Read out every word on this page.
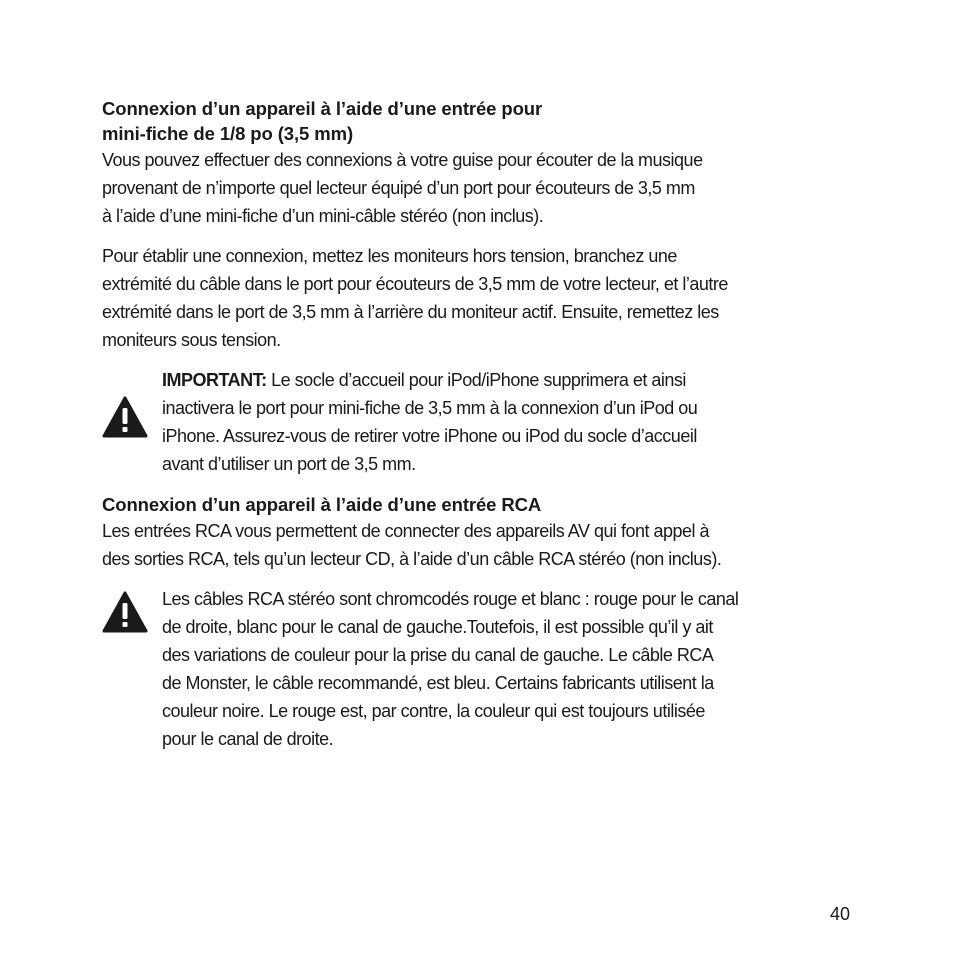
Connexion d’un appareil à l’aide d’une entrée pour
mini-fiche de 1/8 po (3,5 mm)

Vous pouvez effectuer des connexions à votre guise pour écouter de la musique
provenant de n’importe quel lecteur équipé d’un port pour écouteurs de 3,5 mm
à l’aide d’une mini-fiche d’un mini-câble stéréo (non inclus).

Pour établir une connexion, mettez les moniteurs hors tension, branchez une
extrémité du câble dans le port pour écouteurs de 3,5 mm de votre lecteur, et l’autre
extrémité dans le port de 3,5 mm à l’arrière du moniteur actif. Ensuite, remettez les
moniteurs sous tension.

IMPORTANT: Le socle d’accueil pour iPod/iPhone supprimera et ainsi
inactivera le port pour mini-fiche de 3,5 mm à la connexion d’un iPod ou
iPhone. Assurez-vous de retirer votre iPhone ou iPod du socle d’accueil
avant d’utiliser un port de 3,5 mm.

Connexion d’un appareil à l’aide d’une entrée RCA

Les entrées RCA vous permettent de connecter des appareils AV qui font appel à
des sorties RCA, tels qu’un lecteur CD, à l’aide d’un câble RCA stéréo (non inclus).

Les câbles RCA stéréo sont chromcodés rouge et blanc : rouge pour le canal
de droite, blanc pour le canal de gauche.Toutefois, il est possible qu’il y ait
des variations de couleur pour la prise du canal de gauche. Le câble RCA
de Monster, le câble recommandé, est bleu. Certains fabricants utilisent la
couleur noire. Le rouge est, par contre, la couleur qui est toujours utilisée
pour le canal de droite.

40
